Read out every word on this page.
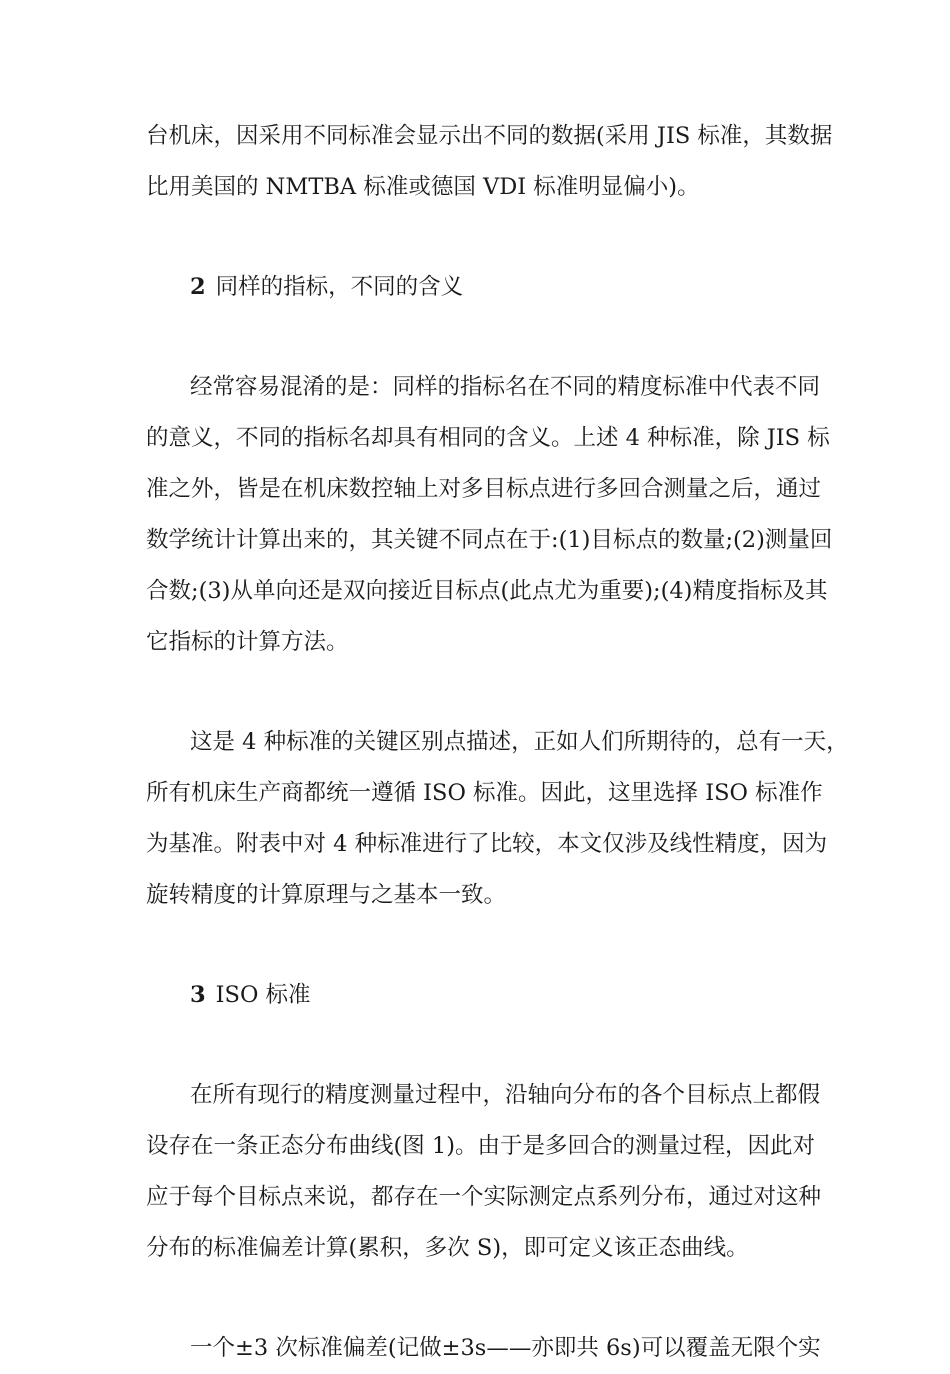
台机床，因采用不同标准会显示出不同的数据(采用 JIS 标准，其数据
比用美国的 NMTBA 标准或德国 VDI 标准明显偏小)。
2 同样的指标，不同的含义
经常容易混淆的是：同样的指标名在不同的精度标准中代表不同
的意义，不同的指标名却具有相同的含义。上述 4 种标准，除 JIS 标
准之外，皆是在机床数控轴上对多目标点进行多回合测量之后，通过
数学统计计算出来的，其关键不同点在于:(1)目标点的数量;(2)测量回
合数;(3)从单向还是双向接近目标点(此点尤为重要);(4)精度指标及其
它指标的计算方法。
这是 4 种标准的关键区别点描述，正如人们所期待的，总有一天，
所有机床生产商都统一遵循 ISO 标准。因此，这里选择 ISO 标准作
为基准。附表中对 4 种标准进行了比较，本文仅涉及线性精度，因为
旋转精度的计算原理与之基本一致。
3 ISO 标准
在所有现行的精度测量过程中，沿轴向分布的各个目标点上都假
设存在一条正态分布曲线(图 1)。由于是多回合的测量过程，因此对
应于每个目标点来说，都存在一个实际测定点系列分布，通过对这种
分布的标准偏差计算(累积，多次 S)，即可定义该正态曲线。
一个±3 次标准偏差(记做±3s——亦即共 6s)可以覆盖无限个实
